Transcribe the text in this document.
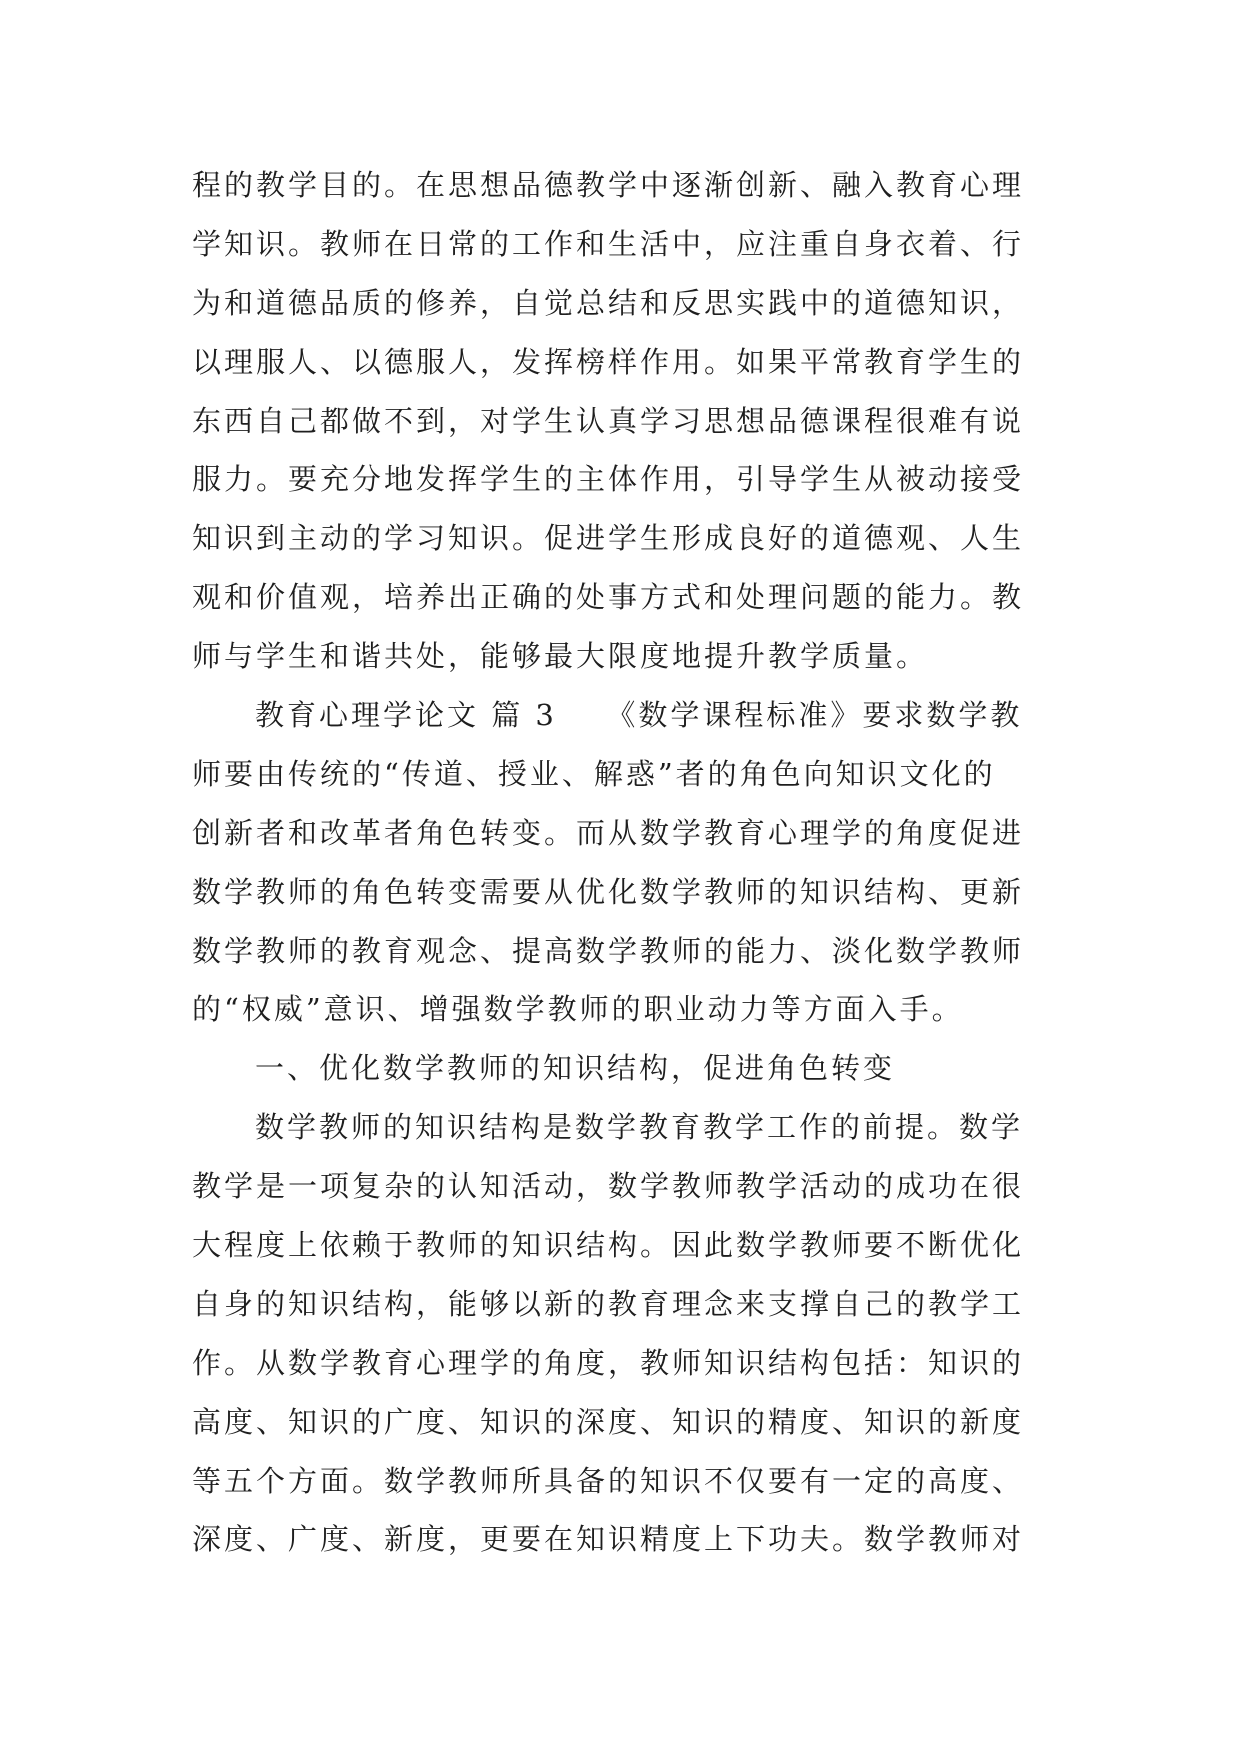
程的教学目的。在思想品德教学中逐渐创新、融入教育心理
学知识。教师在日常的工作和生活中，应注重自身衣着、行
为和道德品质的修养，自觉总结和反思实践中的道德知识，
以理服人、以德服人，发挥榜样作用。如果平常教育学生的
东西自己都做不到，对学生认真学习思想品德课程很难有说
服力。要充分地发挥学生的主体作用，引导学生从被动接受
知识到主动的学习知识。促进学生形成良好的道德观、人生
观和价值观，培养出正确的处事方式和处理问题的能力。教
师与学生和谐共处，能够最大限度地提升教学质量。
教育心理学论文 篇 3　　《数学课程标准》要求数学教
师要由传统的“传道、授业、解惑”者的角色向知识文化的
创新者和改革者角色转变。而从数学教育心理学的角度促进
数学教师的角色转变需要从优化数学教师的知识结构、更新
数学教师的教育观念、提高数学教师的能力、淡化数学教师
的“权威”意识、增强数学教师的职业动力等方面入手。
一、优化数学教师的知识结构，促进角色转变
数学教师的知识结构是数学教育教学工作的前提。数学
教学是一项复杂的认知活动，数学教师教学活动的成功在很
大程度上依赖于教师的知识结构。因此数学教师要不断优化
自身的知识结构，能够以新的教育理念来支撑自己的教学工
作。从数学教育心理学的角度，教师知识结构包括：知识的
高度、知识的广度、知识的深度、知识的精度、知识的新度
等五个方面。数学教师所具备的知识不仅要有一定的高度、
深度、广度、新度，更要在知识精度上下功夫。数学教师对
